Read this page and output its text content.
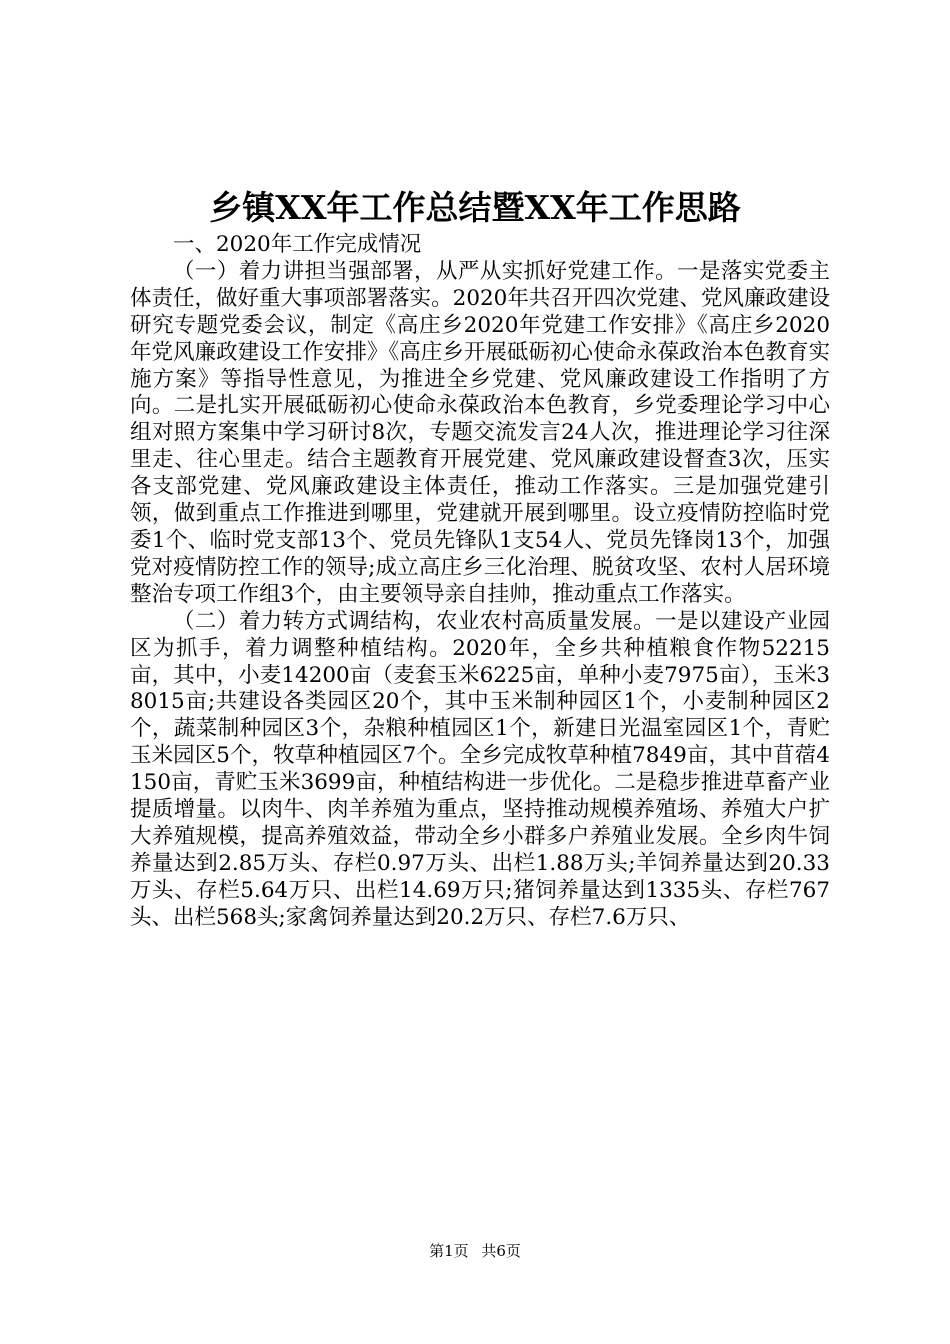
乡镇XX年工作总结暨XX年工作思路

一、2020年工作完成情况

（一）着力讲担当强部署，从严从实抓好党建工作。一是落实党委主体责任，做好重大事项部署落实。2020年共召开四次党建、党风廉政建设研究专题党委会议，制定《高庄乡2020年党建工作安排》《高庄乡2020年党风廉政建设工作安排》《高庄乡开展砥砺初心使命永葆政治本色教育实施方案》等指导性意见，为推进全乡党建、党风廉政建设工作指明了方向。二是扎实开展砥砺初心使命永葆政治本色教育，乡党委理论学习中心组对照方案集中学习研讨8次，专题交流发言24人次，推进理论学习往深里走、往心里走。结合主题教育开展党建、党风廉政建设督查3次，压实各支部党建、党风廉政建设主体责任，推动工作落实。三是加强党建引领，做到重点工作推进到哪里，党建就开展到哪里。设立疫情防控临时党委1个、临时党支部13个、党员先锋队1支54人、党员先锋岗13个，加强党对疫情防控工作的领导;成立高庄乡三化治理、脱贫攻坚、农村人居环境整治专项工作组3个，由主要领导亲自挂帅，推动重点工作落实。

（二）着力转方式调结构，农业农村高质量发展。一是以建设产业园区为抓手，着力调整种植结构。2020年，全乡共种植粮食作物52215亩，其中，小麦14200亩（麦套玉米6225亩，单种小麦7975亩），玉米38015亩;共建设各类园区20个，其中玉米制种园区1个，小麦制种园区2个，蔬菜制种园区3个，杂粮种植园区1个，新建日光温室园区1个，青贮玉米园区5个，牧草种植园区7个。全乡完成牧草种植7849亩，其中苜蓿4150亩，青贮玉米3699亩，种植结构进一步优化。二是稳步推进草畜产业提质增量。以肉牛、肉羊养殖为重点，坚持推动规模养殖场、养殖大户扩大养殖规模，提高养殖效益，带动全乡小群多户养殖业发展。全乡肉牛饲养量达到2.85万头、存栏0.97万头、出栏1.88万头;羊饲养量达到20.33万头、存栏5.64万只、出栏14.69万只;猪饲养量达到1335头、存栏767头、出栏568头;家禽饲养量达到20.2万只、存栏7.6万只、

第1页 共6页
